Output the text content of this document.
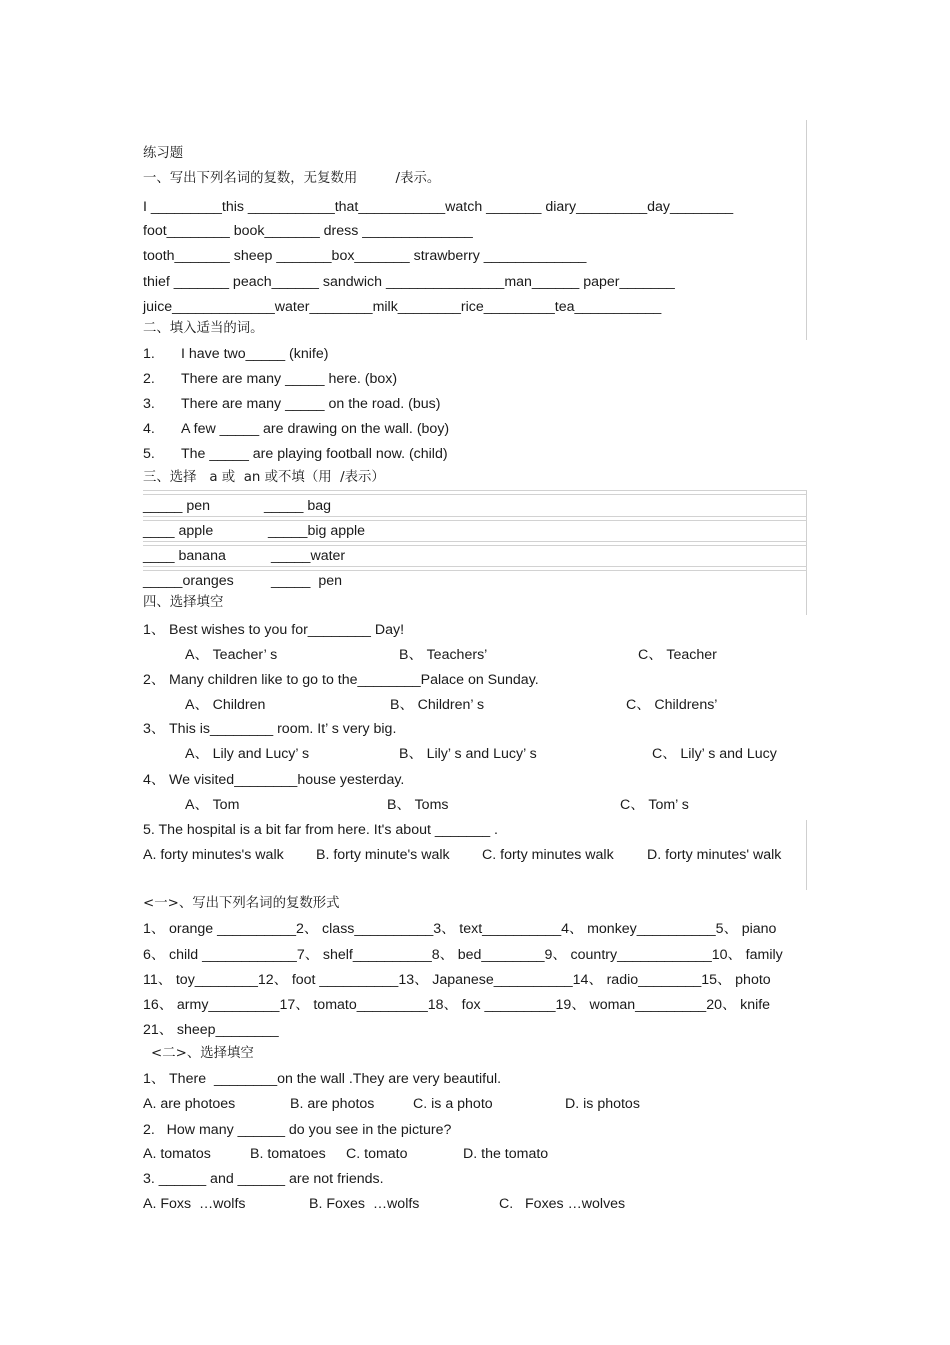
练习题
一、写出下列名词的复数，无复数用         /表示。
I _________this ___________that___________watch _______ diary_________day________
foot________ book_______ dress ______________
tooth_______ sheep _______box_______ strawberry _____________
thief _______ peach______ sandwich _______________man______ paper_______
juice_____________water________milk________rice_________tea___________
二、填入适当的词。
1. I have two_____ (knife)
2. There are many _____ here. (box)
3. There are many _____ on the road. (bus)
4. A few _____ are drawing on the wall. (boy)
5. The _____ are playing football now. (child)
三、选择   a 或  an 或不填（用  /表示）
_____ pen	_____ bag
____ apple	_____big apple
____ banana	_____water
_____oranges	_____  pen
四、选择填空
1、 Best wishes to you for________ Day!
A、 Teacher’ s	B、 Teachers’	C、 Teacher
2、 Many children like to go to the________Palace on Sunday.
A、 Children	B、 Children’ s	C、 Childrens’
3、 This is________ room. It’ s very big.
A、 Lily and Lucy’ s	B、 Lily’ s and Lucy’ s	C、 Lily’ s and Lucy
4、 We visited________house yesterday.
A、 Tom	B、 Toms	C、 Tom’ s
5. The hospital is a bit far from here. It's about _______ .
A. forty minutes's walk B. forty minute's walk C. forty minutes walk D. forty minutes' walk
<一>、写出下列名词的复数形式
1、 orange __________2、 class__________3、 text__________4、 monkey__________5、 piano
6、 child ____________7、 shelf__________8、 bed________9、 country____________10、 family
11、 toy________12、 foot __________13、 Japanese__________14、 radio________15、 photo
16、 army_________17、 tomato_________18、 fox _________19、 woman_________20、 knife
21、 sheep________
<二>、选择填空
1、 There  ________on the wall .They are very beautiful.
A. are photoes	B. are photos	C. is a photo	D. is photos
2.   How many ______ do you see in the picture?
A. tomatos	B. tomatoes C. tomato	D. the tomato
3. ______ and ______ are not friends.
A. Foxs  …wolfs	B. Foxes  …wolfs	C.   Foxes …wolves
